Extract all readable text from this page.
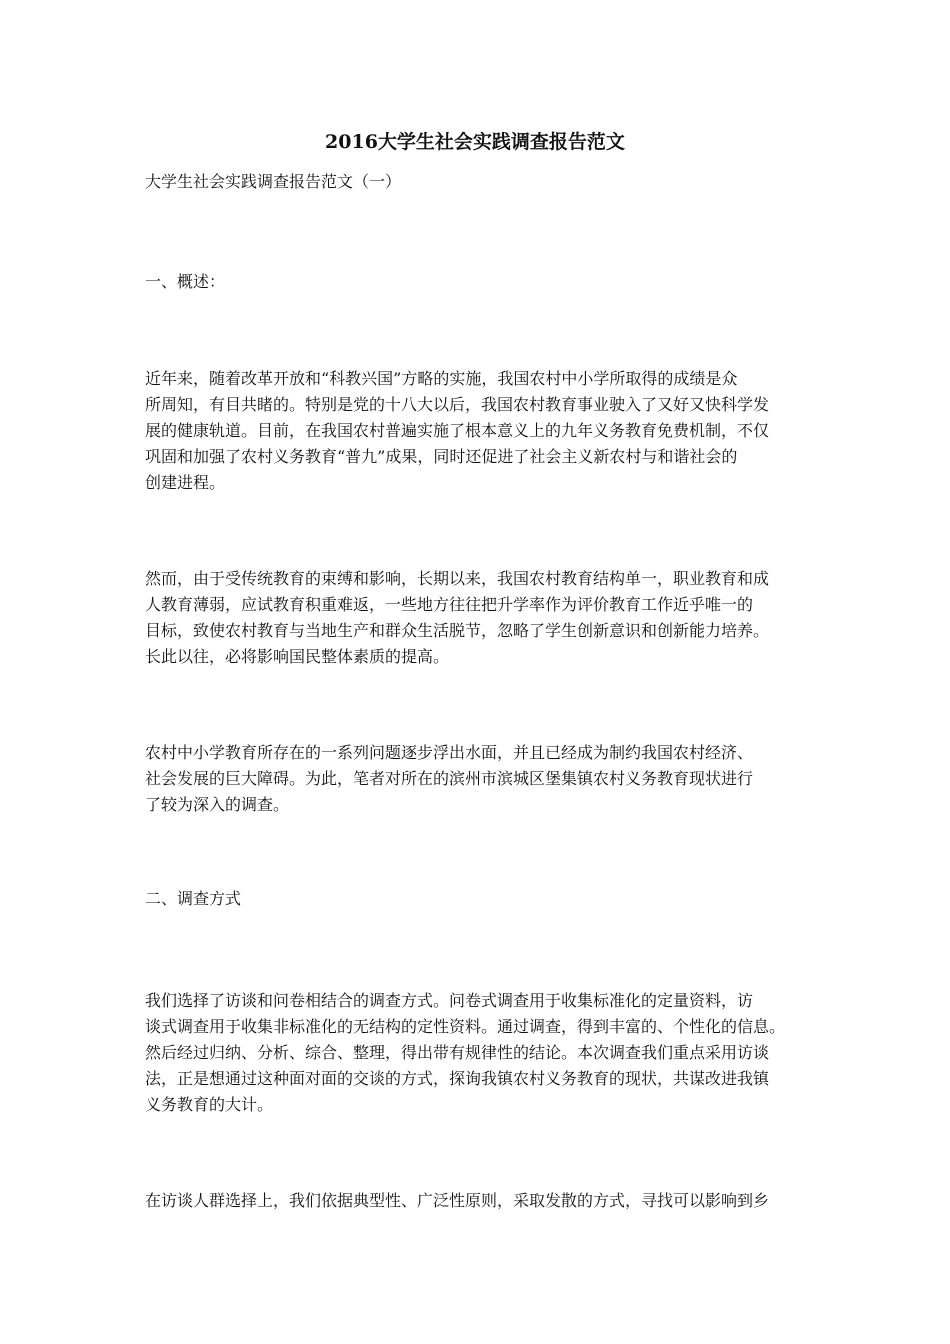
2016大学生社会实践调查报告范文
大学生社会实践调查报告范文（一）
一、概述：
近年来，随着改革开放和“科教兴国”方略的实施，我国农村中小学所取得的成绩是众
所周知，有目共睹的。特别是党的十八大以后，我国农村教育事业驶入了又好又快科学发
展的健康轨道。目前，在我国农村普遍实施了根本意义上的九年义务教育免费机制，不仅
巩固和加强了农村义务教育“普九”成果，同时还促进了社会主义新农村与和谐社会的
创建进程。
然而，由于受传统教育的束缚和影响，长期以来，我国农村教育结构单一，职业教育和成
人教育薄弱，应试教育积重难返，一些地方往往把升学率作为评价教育工作近乎唯一的
目标，致使农村教育与当地生产和群众生活脱节，忽略了学生创新意识和创新能力培养。
长此以往，必将影响国民整体素质的提高。
农村中小学教育所存在的一系列问题逐步浮出水面，并且已经成为制约我国农村经济、
社会发展的巨大障碍。为此，笔者对所在的滨州市滨城区堡集镇农村义务教育现状进行
了较为深入的调查。
二、调查方式
我们选择了访谈和问卷相结合的调查方式。问卷式调查用于收集标准化的定量资料，访
谈式调查用于收集非标准化的无结构的定性资料。通过调查，得到丰富的、个性化的信息。
然后经过归纳、分析、综合、整理，得出带有规律性的结论。本次调查我们重点采用访谈
法，正是想通过这种面对面的交谈的方式，探询我镇农村义务教育的现状，共谋改进我镇
义务教育的大计。
在访谈人群选择上，我们依据典型性、广泛性原则，采取发散的方式，寻找可以影响到乡
